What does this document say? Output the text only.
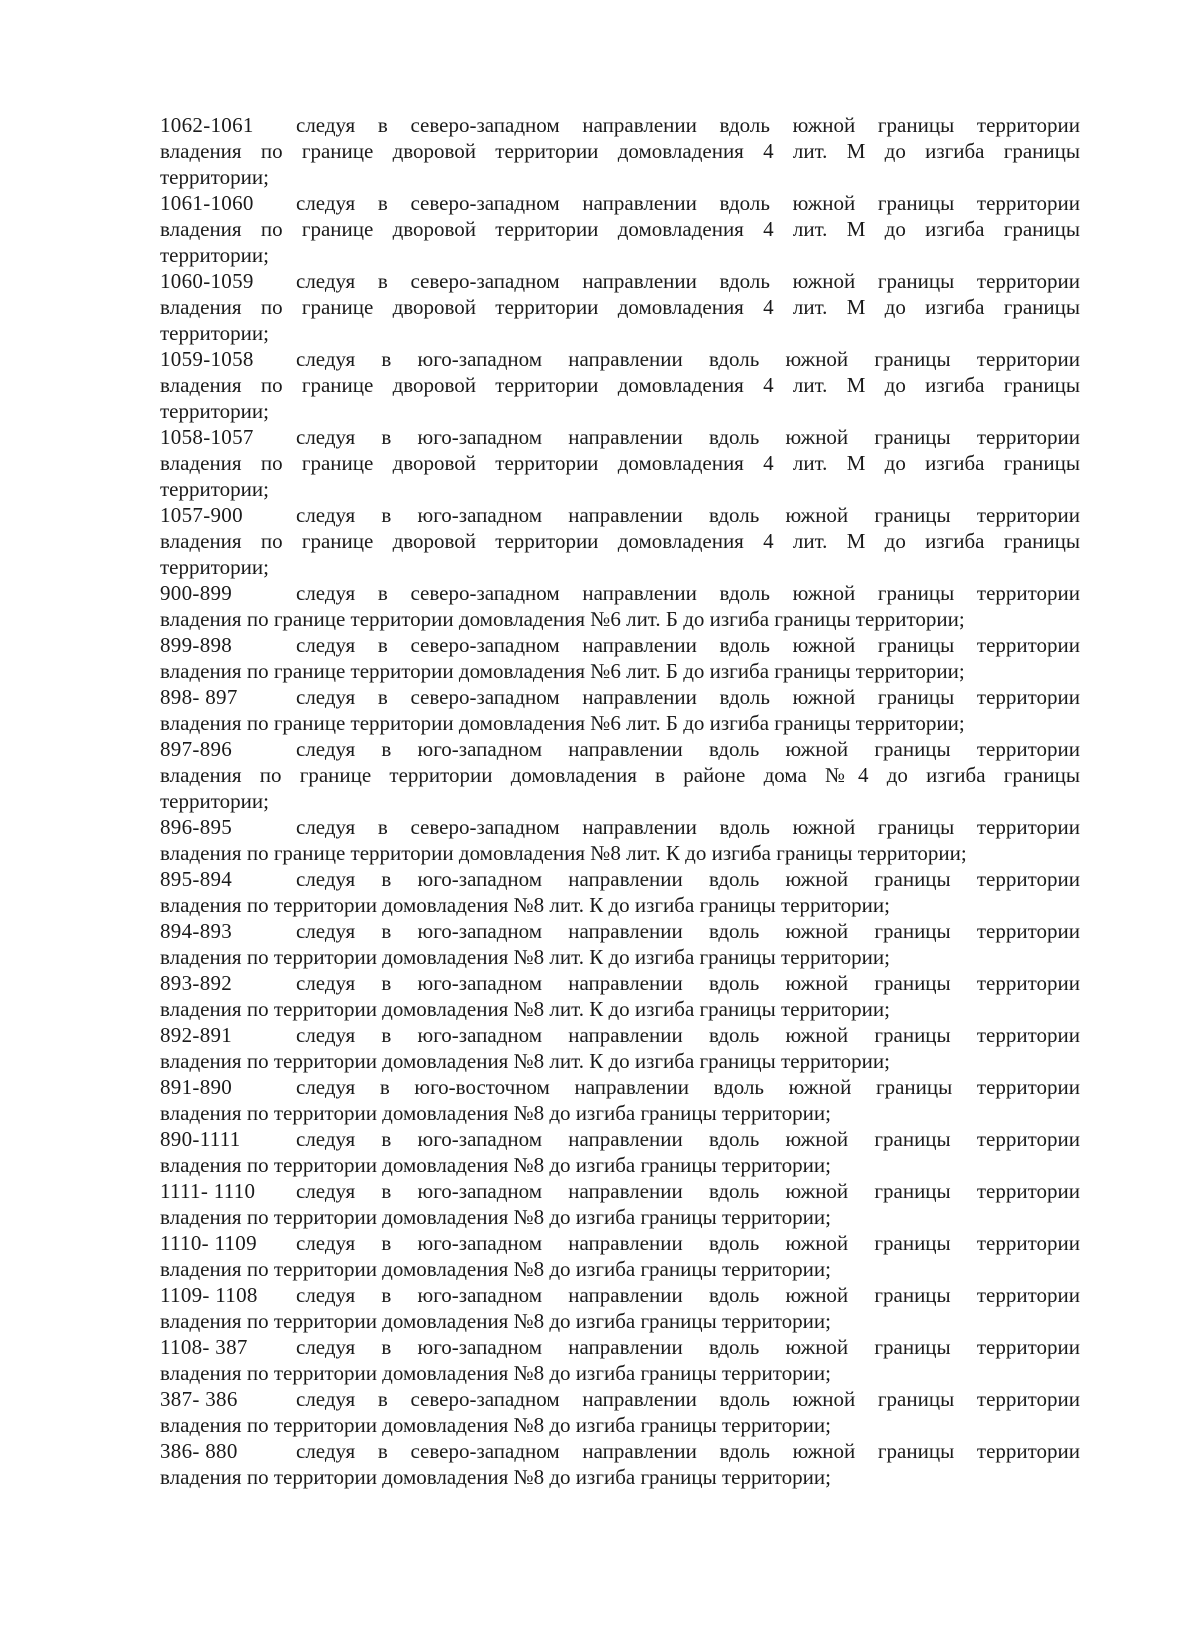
1062-1061	следуя в северо-западном направлении вдоль южной границы территории
владения по границе дворовой территории домовладения 4 лит. М до изгиба границы
территории;
1061-1060	следуя в северо-западном направлении вдоль южной границы территории
владения по границе дворовой территории домовладения 4 лит. М до изгиба границы
территории;
1060-1059	следуя в северо-западном направлении вдоль южной границы территории
владения по границе дворовой территории домовладения 4 лит. М до изгиба границы
территории;
1059-1058	следуя в юго-западном направлении вдоль южной границы территории
владения по границе дворовой территории домовладения 4 лит. М до изгиба границы
территории;
1058-1057	следуя в юго-западном направлении вдоль южной границы территории
владения по границе дворовой территории домовладения 4 лит. М до изгиба границы
территории;
1057-900	следуя в юго-западном направлении вдоль южной границы территории
владения по границе дворовой территории домовладения 4 лит. М до изгиба границы
территории;
900-899	следуя в северо-западном направлении вдоль южной границы территории
владения по границе территории домовладения №6 лит. Б до изгиба границы территории;
899-898	следуя в северо-западном направлении вдоль южной границы территории
владения по границе территории домовладения №6 лит. Б до изгиба границы территории;
898- 897	следуя в северо-западном направлении вдоль южной границы территории
владения по границе территории домовладения №6 лит. Б до изгиба границы территории;
897-896	следуя в юго-западном направлении вдоль южной границы территории
владения по границе территории домовладения в районе дома №4 до изгиба границы
территории;
896-895	следуя в северо-западном направлении вдоль южной границы территории
владения по границе территории домовладения №8 лит. К до изгиба границы территории;
895-894	следуя в юго-западном направлении вдоль южной границы территории
владения по территории домовладения №8 лит. К до изгиба границы территории;
894-893	следуя в юго-западном направлении вдоль южной границы территории
владения по территории домовладения №8 лит. К до изгиба границы территории;
893-892	следуя в юго-западном направлении вдоль южной границы территории
владения по территории домовладения №8 лит. К до изгиба границы территории;
892-891	следуя в юго-западном направлении вдоль южной границы территории
владения по территории домовладения №8 лит. К до изгиба границы территории;
891-890	следуя в юго-восточном направлении вдоль южной границы территории
владения по территории домовладения №8 до изгиба границы территории;
890-1111	следуя в юго-западном направлении вдоль южной границы территории
владения по территории домовладения №8 до изгиба границы территории;
1111- 1110	следуя в юго-западном направлении вдоль южной границы территории
владения по территории домовладения №8 до изгиба границы территории;
1110- 1109	следуя в юго-западном направлении вдоль южной границы территории
владения по территории домовладения №8 до изгиба границы территории;
1109- 1108	следуя в юго-западном направлении вдоль южной границы территории
владения по территории домовладения №8 до изгиба границы территории;
1108- 387	следуя в юго-западном направлении вдоль южной границы территории
владения по территории домовладения №8 до изгиба границы территории;
387- 386	следуя в северо-западном направлении вдоль южной границы территории
владения по территории домовладения №8 до изгиба границы территории;
386- 880	следуя в северо-западном направлении вдоль южной границы территории
владения по территории домовладения №8 до изгиба границы территории;
